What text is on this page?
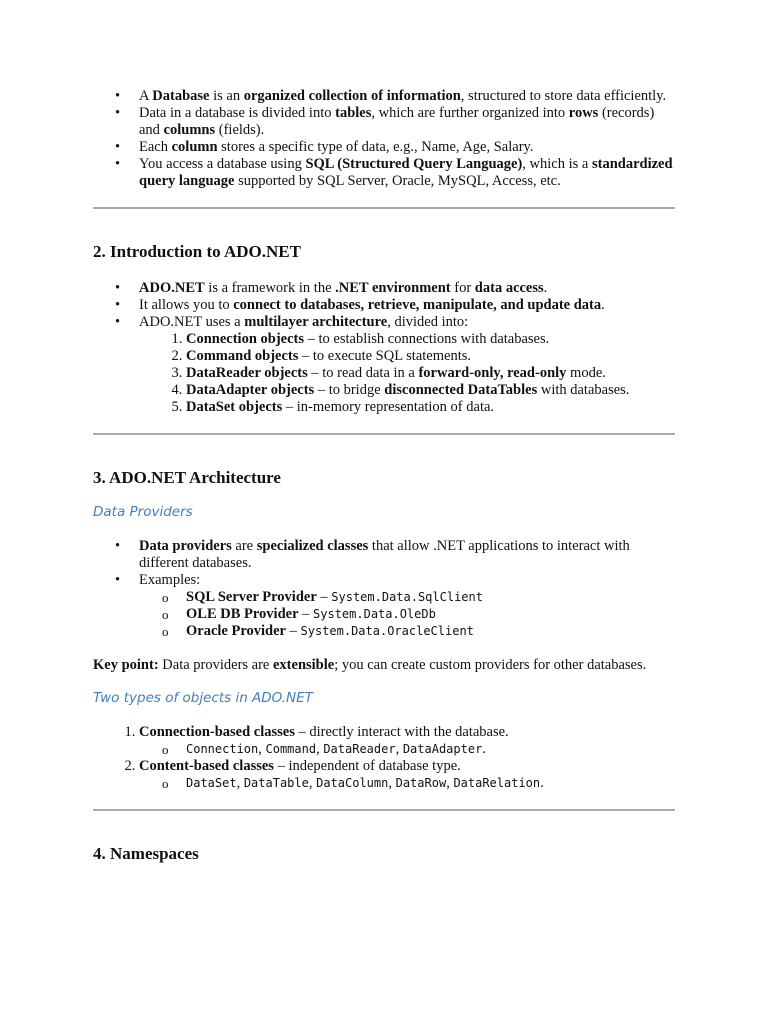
• A Database is an organized collection of information, structured to store data efficiently.
• Data in a database is divided into tables, which are further organized into rows (records) and columns (fields).
• Each column stores a specific type of data, e.g., Name, Age, Salary.
• You access a database using SQL (Structured Query Language), which is a standardized query language supported by SQL Server, Oracle, MySQL, Access, etc.
2. Introduction to ADO.NET
• ADO.NET is a framework in the .NET environment for data access.
• It allows you to connect to databases, retrieve, manipulate, and update data.
• ADO.NET uses a multilayer architecture, divided into:
1. Connection objects – to establish connections with databases.
2. Command objects – to execute SQL statements.
3. DataReader objects – to read data in a forward-only, read-only mode.
4. DataAdapter objects – to bridge disconnected DataTables with databases.
5. DataSet objects – in-memory representation of data.
3. ADO.NET Architecture
Data Providers
• Data providers are specialized classes that allow .NET applications to interact with different databases.
• Examples:
o SQL Server Provider – System.Data.SqlClient
o OLE DB Provider – System.Data.OleDb
o Oracle Provider – System.Data.OracleClient

Key point: Data providers are extensible; you can create custom providers for other databases.

Two types of objects in ADO.NET
1. Connection-based classes – directly interact with the database.
o Connection, Command, DataReader, DataAdapter.
2. Content-based classes – independent of database type.
o DataSet, DataTable, DataColumn, DataRow, DataRelation.
4. Namespaces
